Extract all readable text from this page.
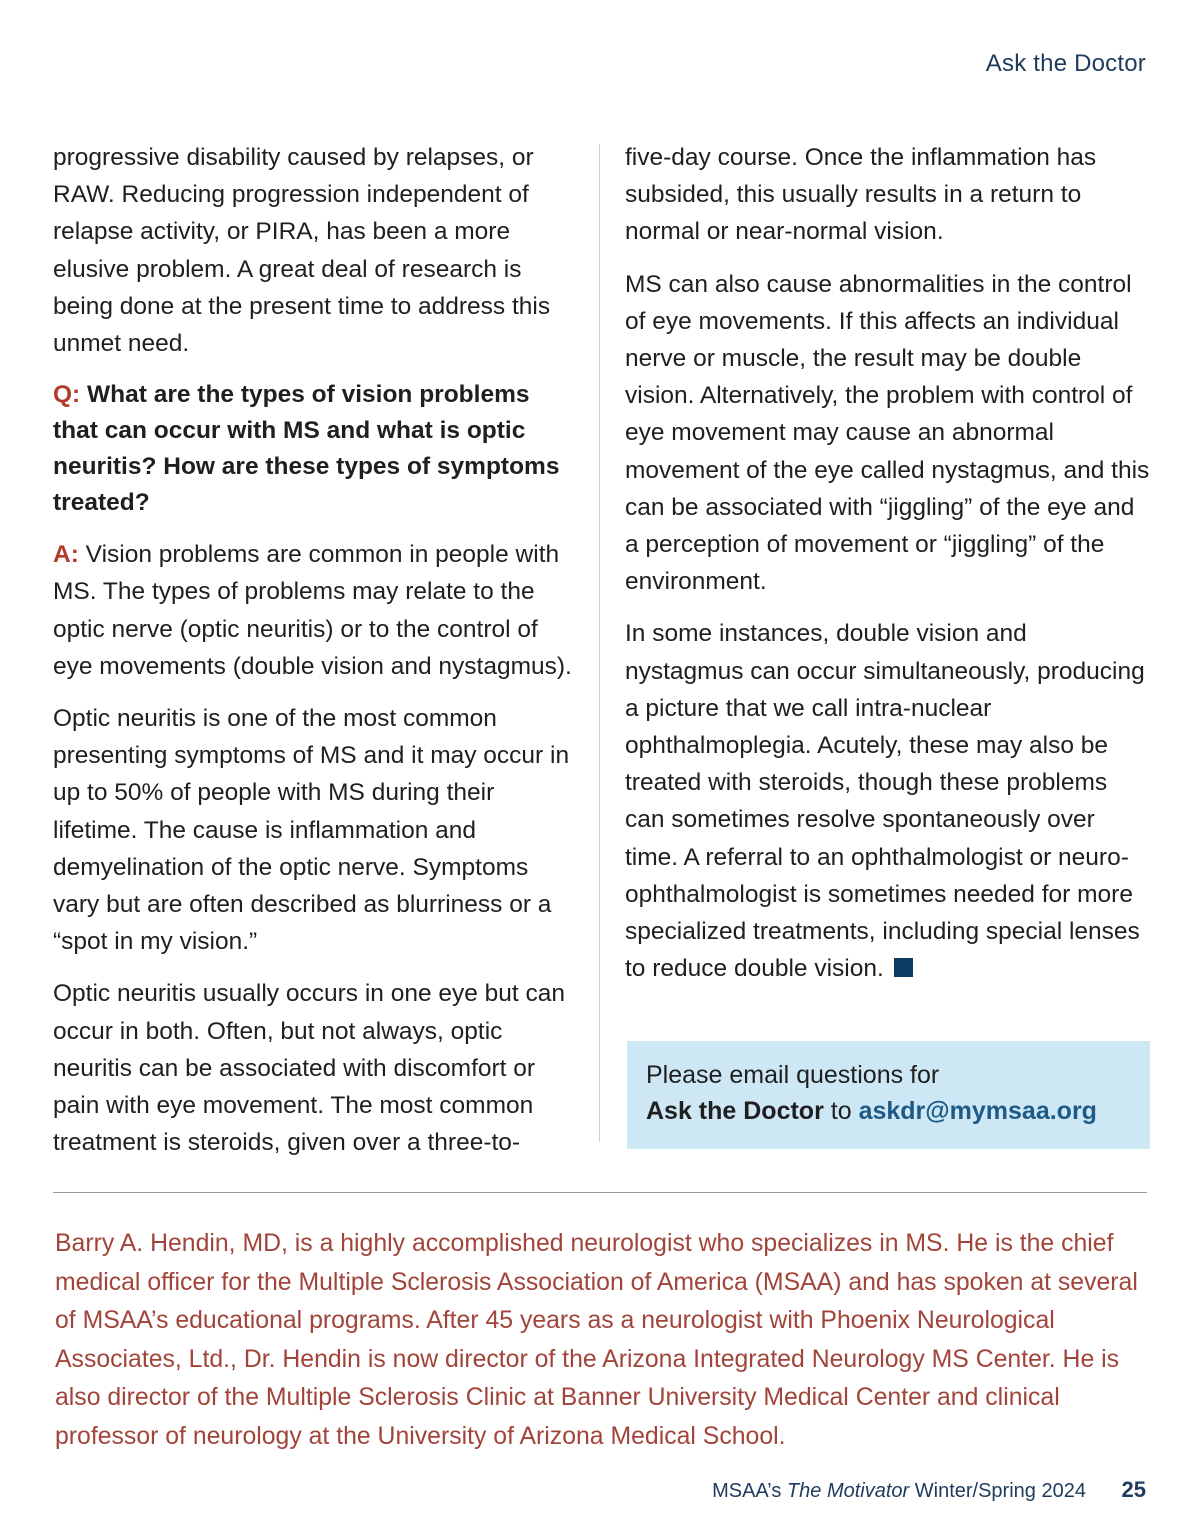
Ask the Doctor

progressive disability caused by relapses, or RAW. Reducing progression independent of relapse activity, or PIRA, has been a more elusive problem. A great deal of research is being done at the present time to address this unmet need.

Q: What are the types of vision problems that can occur with MS and what is optic neuritis? How are these types of symptoms treated?

A: Vision problems are common in people with MS. The types of problems may relate to the optic nerve (optic neuritis) or to the control of eye movements (double vision and nystagmus).

Optic neuritis is one of the most common presenting symptoms of MS and it may occur in up to 50% of people with MS during their lifetime. The cause is inflammation and demyelination of the optic nerve. Symptoms vary but are often described as blurriness or a “spot in my vision.”

Optic neuritis usually occurs in one eye but can occur in both. Often, but not always, optic neuritis can be associated with discomfort or pain with eye movement. The most common treatment is steroids, given over a three-to-

five-day course. Once the inflammation has subsided, this usually results in a return to normal or near-normal vision.

MS can also cause abnormalities in the control of eye movements. If this affects an individual nerve or muscle, the result may be double vision. Alternatively, the problem with control of eye movement may cause an abnormal movement of the eye called nystagmus, and this can be associated with “jiggling” of the eye and a perception of movement or “jiggling” of the environment.

In some instances, double vision and nystagmus can occur simultaneously, producing a picture that we call intra-nuclear ophthalmoplegia. Acutely, these may also be treated with steroids, though these problems can sometimes resolve spontaneously over time. A referral to an ophthalmologist or neuro-ophthalmologist is sometimes needed for more specialized treatments, including special lenses to reduce double vision.

Please email questions for
Ask the Doctor to askdr@mymsaa.org
Barry A. Hendin, MD, is a highly accomplished neurologist who specializes in MS. He is the chief medical officer for the Multiple Sclerosis Association of America (MSAA) and has spoken at several of MSAA’s educational programs. After 45 years as a neurologist with Phoenix Neurological Associates, Ltd., Dr. Hendin is now director of the Arizona Integrated Neurology MS Center. He is also director of the Multiple Sclerosis Clinic at Banner University Medical Center and clinical professor of neurology at the University of Arizona Medical School.
MSAA’s The Motivator Winter/Spring 2024 25
